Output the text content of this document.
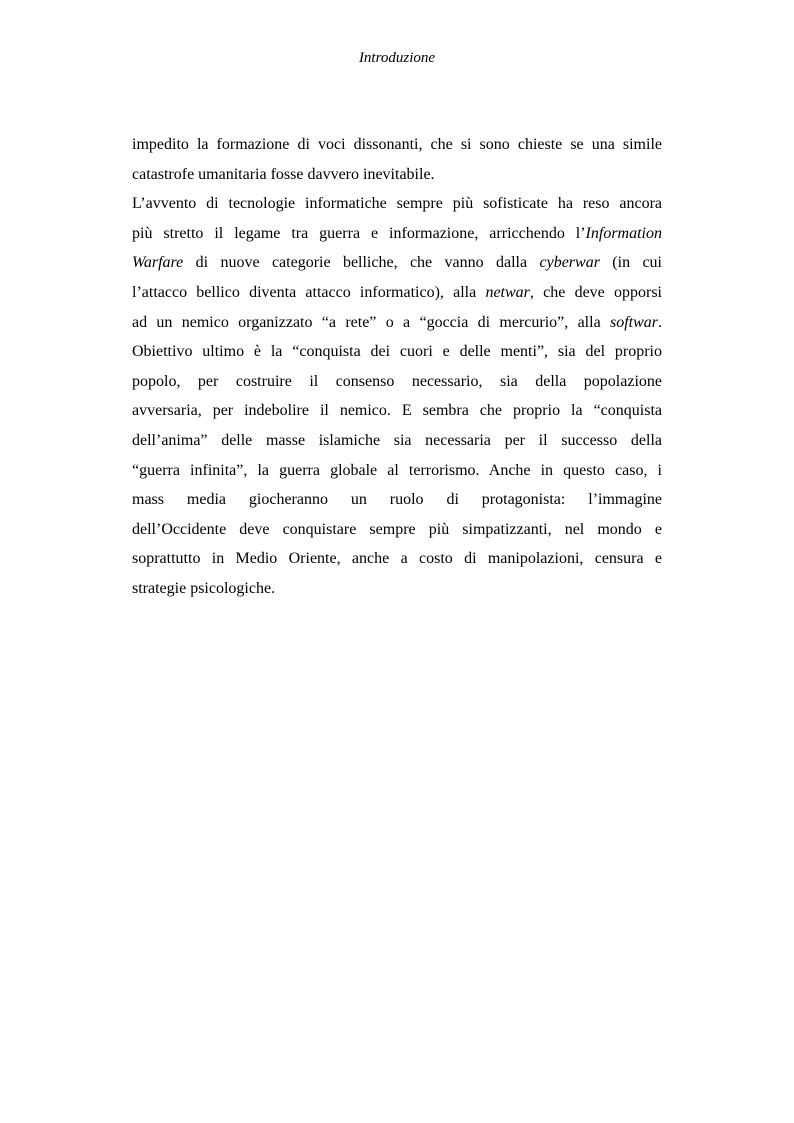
Introduzione
impedito la formazione di voci dissonanti, che si sono chieste se una simile
catastrofe umanitaria fosse davvero inevitabile.
L’avvento di tecnologie informatiche sempre più sofisticate ha reso ancora
più stretto il legame tra guerra e informazione, arricchendo l’Information
Warfare di nuove categorie belliche, che vanno dalla cyberwar (in cui
l’attacco bellico diventa attacco informatico), alla netwar, che deve opporsi
ad un nemico organizzato “a rete” o a “goccia di mercurio”, alla softwar.
Obiettivo ultimo è la “conquista dei cuori e delle menti”, sia del proprio
popolo, per costruire il consenso necessario, sia della popolazione
avversaria, per indebolire il nemico. E sembra che proprio la “conquista
dell’anima” delle masse islamiche sia necessaria per il successo della
“guerra infinita”, la guerra globale al terrorismo. Anche in questo caso, i
mass media giocheranno un ruolo di protagonista: l’immagine
dell’Occidente deve conquistare sempre più simpatizzanti, nel mondo e
soprattutto in Medio Oriente, anche a costo di manipolazioni, censura e
strategie psicologiche.
